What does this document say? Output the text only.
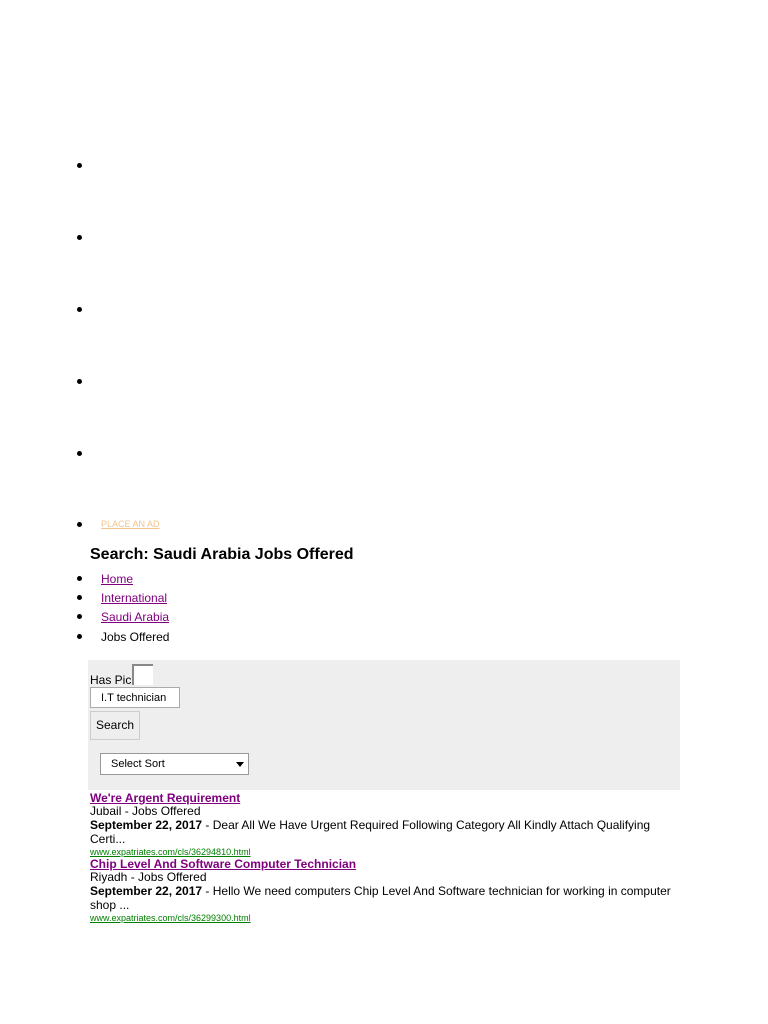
PLACE AN AD
Search: Saudi Arabia Jobs Offered
Home
International
Saudi Arabia
Jobs Offered
Has Pic
I.T technician
Search
Select Sort
We're Argent Requirement
Jubail - Jobs Offered
September 22, 2017 - Dear All We Have Urgent Required Following Category All Kindly Attach Qualifying Certi...
www.expatriates.com/cls/36294810.html
Chip Level And Software Computer Technician
Riyadh - Jobs Offered
September 22, 2017 - Hello We need computers Chip Level And Software technician for working in computer shop ...
www.expatriates.com/cls/36299300.html
